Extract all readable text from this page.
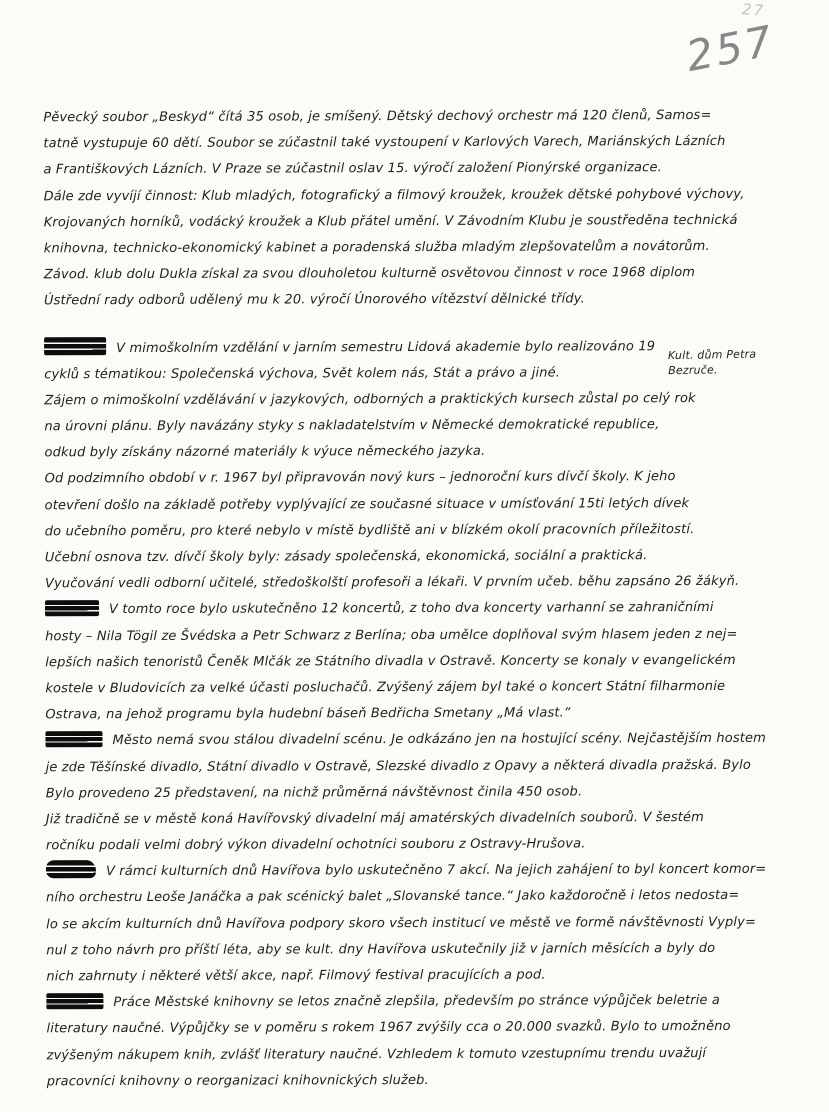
27
257
Kult. dům Petra
Bezruče.
Pěvecký soubor „Beskyd“ čítá 35 osob, je smíšený. Dětský dechový orchestr má 120 členů, Samos=
tatně vystupuje 60 dětí. Soubor se zúčastnil také vystoupení v Karlových Varech, Mariánských Lázních
a Františkových Lázních. V Praze se zúčastnil oslav 15. výročí založení Pionýrské organizace.
Dále zde vyvíjí činnost: Klub mladých, fotografický a filmový kroužek, kroužek dětské pohybové výchovy,
Krojovaných horníků, vodácký kroužek a Klub přátel umění. V Závodním Klubu je soustředěna technická
knihovna, technicko-ekonomický kabinet a poradenská služba mladým zlepšovatelům a novátorům.
Závod. klub dolu Dukla získal za svou dlouholetou kulturně osvětovou činnost v roce 1968 diplom
Ústřední rady odborů udělený mu k 20. výročí Únorového vítězství dělnické třídy.
V mimoškolním vzdělání v jarním semestru Lidová akademie bylo realizováno 19
cyklů s tématikou: Společenská výchova, Svět kolem nás, Stát a právo a jiné.
Zájem o mimoškolní vzdělávání v jazykových, odborných a praktických kursech zůstal po celý rok
na úrovni plánu. Byly navázány styky s nakladatelstvím v Německé demokratické republice,
odkud byly získány názorné materiály k výuce německého jazyka.
Od podzimního období v r. 1967 byl připravován nový kurs – jednoroční kurs dívčí školy. K jeho
otevření došlo na základě potřeby vyplývající ze současné situace v umísťování 15ti letých dívek
do učebního poměru, pro které nebylo v místě bydliště ani v blízkém okolí pracovních příležitostí.
Učební osnova tzv. dívčí školy byly: zásady společenská, ekonomická, sociální a praktická.
Vyučování vedli odborní učitelé, středoškolští profesoři a lékaři. V prvním učeb. běhu zapsáno 26 žákyň.
V tomto roce bylo uskutečněno 12 koncertů, z toho dva koncerty varhanní se zahraničními
hosty – Nila Tögil ze Švédska a Petr Schwarz z Berlína; oba umělce doplňoval svým hlasem jeden z nej=
lepších našich tenoristů Čeněk Mlčák ze Státního divadla v Ostravě. Koncerty se konaly v evangelickém
kostele v Bludovicích za velké účasti posluchačů. Zvýšený zájem byl také o koncert Státní filharmonie
Ostrava, na jehož programu byla hudební báseň Bedřicha Smetany „Má vlast.“
Město nemá svou stálou divadelní scénu. Je odkázáno jen na hostující scény. Nejčastějším hostem
je zde Těšínské divadlo, Státní divadlo v Ostravě, Slezské divadlo z Opavy a některá divadla pražská. Bylo
Bylo provedeno 25 představení, na nichž průměrná návštěvnost činila 450 osob.
Již tradičně se v městě koná Havířovský divadelní máj amatérských divadelních souborů. V šestém
ročníku podali velmi dobrý výkon divadelní ochotníci souboru z Ostravy-Hrušova.
V rámci kulturních dnů Havířova bylo uskutečněno 7 akcí. Na jejich zahájení to byl koncert komor=
ního orchestru Leoše Janáčka a pak scénický balet „Slovanské tance.“ Jako každoročně i letos nedosta=
lo se akcím kulturních dnů Havířova podpory skoro všech institucí ve městě ve formě návštěvnosti Vyply=
nul z toho návrh pro příští léta, aby se kult. dny Havířova uskutečnily již v jarních měsících a byly do
nich zahrnuty i některé větší akce, např. Filmový festival pracujících a pod.
Práce Městské knihovny se letos značně zlepšila, především po stránce výpůjček beletrie a
literatury naučné. Výpůjčky se v poměru s rokem 1967 zvýšily cca o 20.000 svazků. Bylo to umožněno
zvýšeným nákupem knih, zvlášť literatury naučné. Vzhledem k tomuto vzestupnímu trendu uvažují
pracovníci knihovny o reorganizaci knihovnických služeb.
